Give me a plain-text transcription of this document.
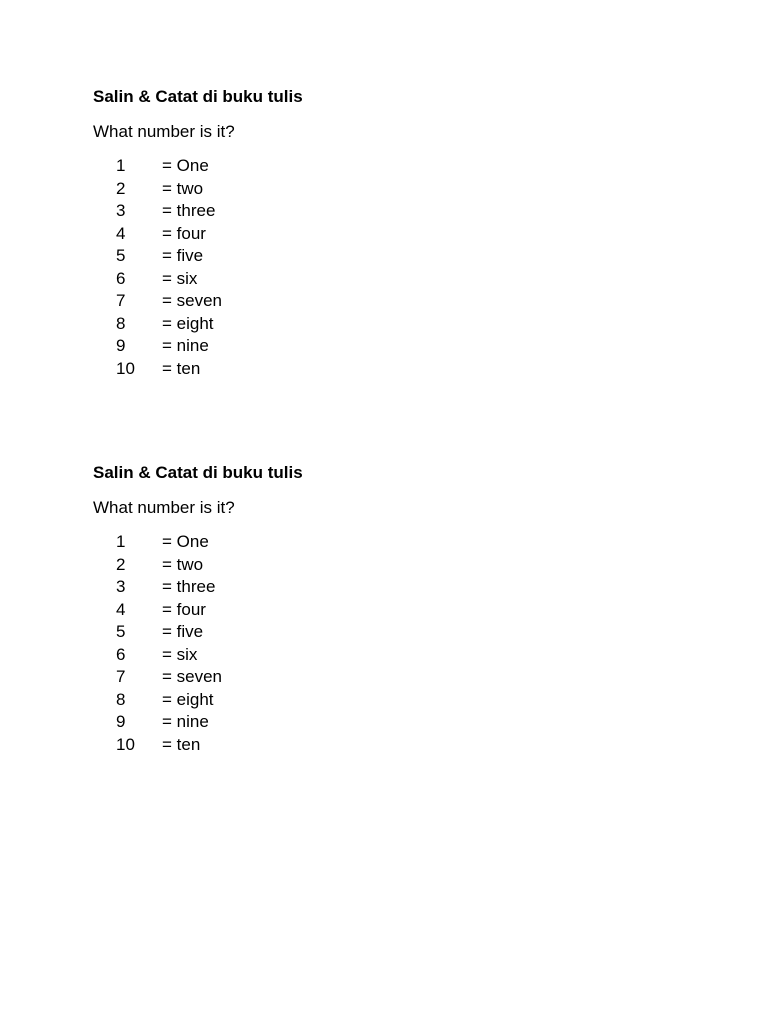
Salin & Catat di buku tulis
What number is it?
1	= One
2	= two
3	= three
4	= four
5	= five
6	= six
7	= seven
8	= eight
9	= nine
10	= ten
Salin & Catat di buku tulis
What number is it?
1	= One
2	= two
3	= three
4	= four
5	= five
6	= six
7	= seven
8	= eight
9	= nine
10	= ten
